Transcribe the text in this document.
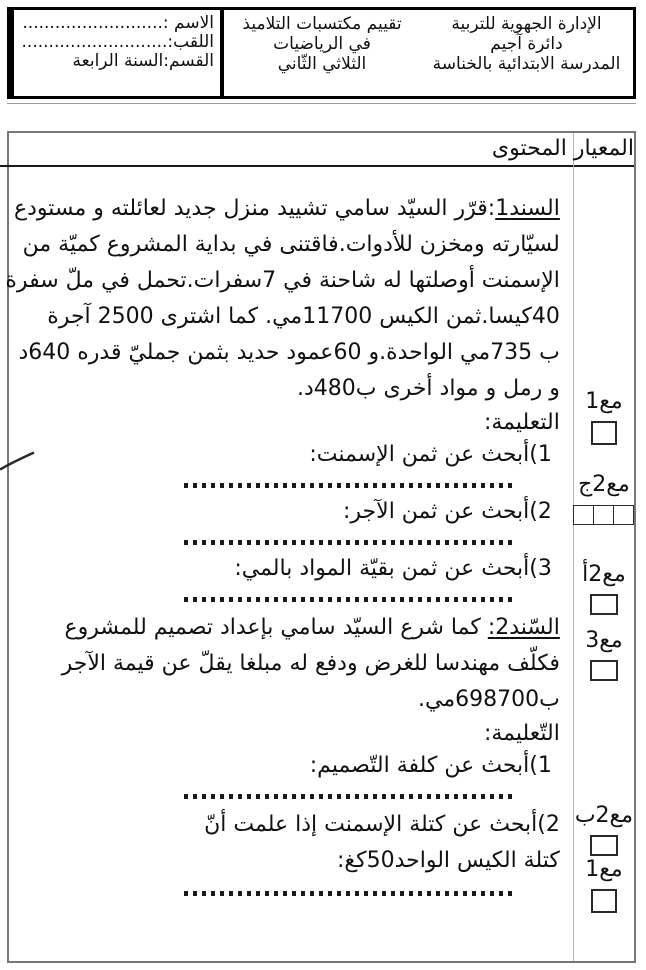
الإدارة الجهوية للتربية
دائرة آجيم
المدرسة الابتدائية بالخناسة
تقييم مكتسبات التلاميذ
في الرياضيات
الثلاثي الثّاني
الاسم :..........................
اللقب:...........................
القسم:السنة الرابعة
المعيار
مع1
مع2ج
مع2أ
مع3
مع2ب
مع1
المحتوى
السند1:قرّر السيّد سامي تشييد منزل جديد لعائلته و مستودع
لسيّارته ومخزن للأدوات.فاقتنى في بداية المشروع كميّة من
الإسمنت أوصلتها له شاحنة في 7سفرات.تحمل في ملّ سفرة
40كيسا.ثمن الكيس 11700مي. كما اشترى 2500 آجرة
ب 735مي الواحدة.و 60عمود حديد بثمن جمليّ قدره 640د
و رمل و مواد أخرى ب480د.
التعليمة:
1)أبحث عن ثمن الإسمنت:
2)أبحث عن ثمن الآجر:
3)أبحث عن ثمن بقيّة المواد بالمي:
السّند2: كما شرع السيّد سامي بإعداد تصميم للمشروع
فكلّف مهندسا للغرض ودفع له مبلغا يقلّ عن قيمة الآجر
ب698700مي.
التّعليمة:
1)أبحث عن كلفة التّصميم:
2)أبحث عن كتلة الإسمنت إذا علمت أنّ
كتلة الكيس الواحد50كغ:
